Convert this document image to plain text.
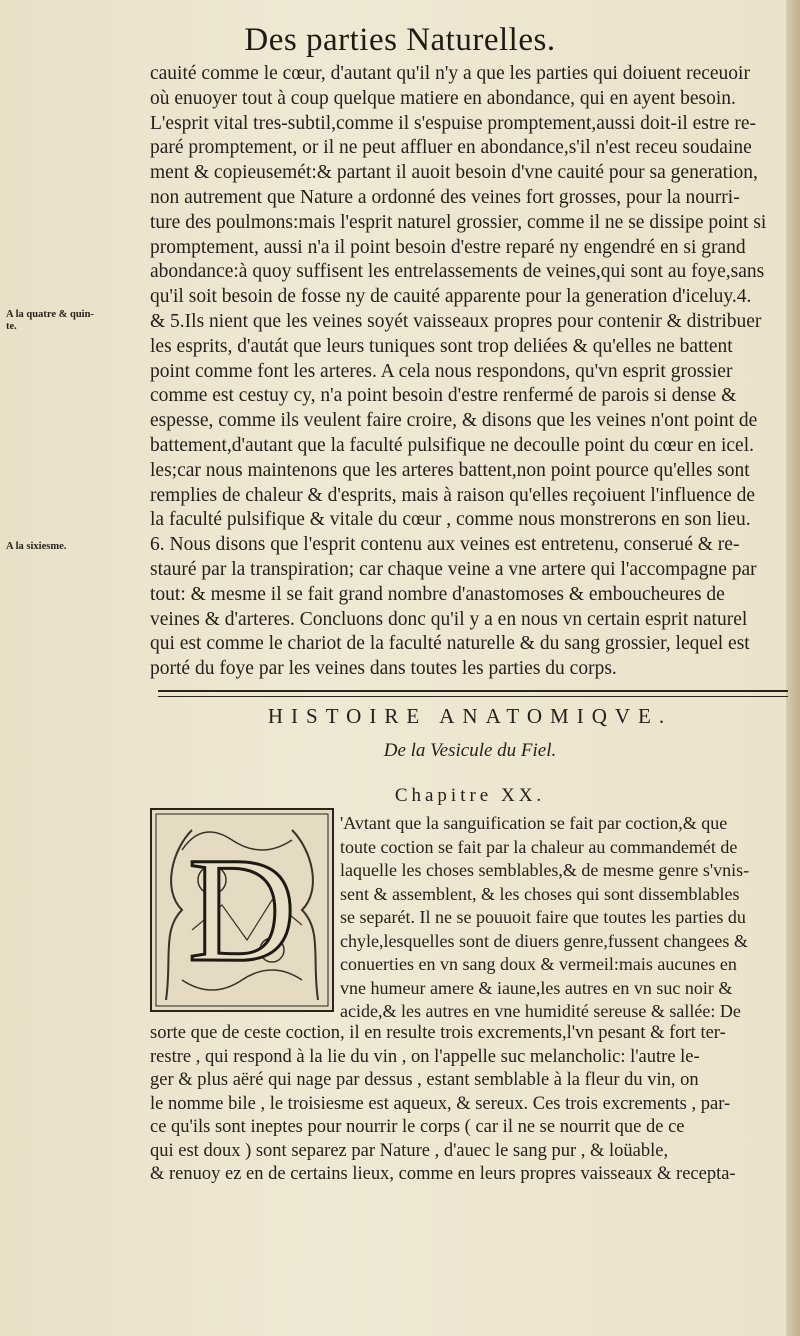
Des parties Naturelles.
A la quatre & quin-
te.
A la sixiesme.
cauité comme le cœur, d'autant qu'il n'y a que les parties qui doiuent receuoir
où enuoyer tout à coup quelque matiere en abondance, qui en ayent besoin.
L'esprit vital tres-subtil,comme il s'espuise promptement,aussi doit-il estre re-
paré promptement, or il ne peut affluer en abondance,s'il n'est receu soudaine
ment & copieusemét:& partant il auoit besoin d'vne cauité pour sa generation,
non autrement que Nature a ordonné des veines fort grosses, pour la nourri-
ture des poulmons:mais l'esprit naturel grossier, comme il ne se dissipe point si
promptement, aussi n'a il point besoin d'estre reparé ny engendré en si grand
abondance:à quoy suffisent les entrelassements de veines,qui sont au foye,sans
qu'il soit besoin de fosse ny de cauité apparente pour la generation d'iceluy.4.
& 5.Ils nient que les veines soyét vaisseaux propres pour contenir & distribuer
les esprits, d'autát que leurs tuniques sont trop deliées & qu'elles ne battent
point comme font les arteres. A cela nous respondons, qu'vn esprit grossier
comme est cestuy cy, n'a point besoin d'estre renfermé de parois si dense &
espesse, comme ils veulent faire croire, & disons que les veines n'ont point de
battement,d'autant que la faculté pulsifique ne decoulle point du cœur en icel.
les;car nous maintenons que les arteres battent,non point pource qu'elles sont
remplies de chaleur & d'esprits, mais à raison qu'elles reçoiuent l'influence de
la faculté pulsifique & vitale du cœur , comme nous monstrerons en son lieu.
6. Nous disons que l'esprit contenu aux veines est entretenu, conserué & re-
stauré par la transpiration; car chaque veine a vne artere qui l'accompagne par
tout: & mesme il se fait grand nombre d'anastomoses & embouchеures de
veines & d'arteres. Concluons donc qu'il y a en nous vn certain esprit naturel
qui est comme le chariot de la faculté naturelle & du sang grossier, lequel est
porté du foye par les veines dans toutes les parties du corps.
HISTOIRE ANATOMIQVE.
De la Vesicule du Fiel.
Chapitre XX.
D
'Avtant que la sanguification se fait par coction,& que
toute coction se fait par la chaleur au commandemét de
laquelle les choses semblables,& de mesme genre s'vnis-
sent & assemblent, & les choses qui sont dissemblables
se separét. Il ne se pouuoit faire que toutes les parties du
chyle,lesquelles sont de diuers genre,fussent changees &
conuerties en vn sang doux & vermeil:mais aucunes en
vne humeur amere & iaune,les autres en vn suc noir &
acide,& les autres en vne humidité sereuse & sallée: De
sorte que de ceste coction, il en resulte trois excrements,l'vn pesant & fort ter-
restre , qui respond à la lie du vin , on l'appelle suc melancholic: l'autre le-
ger & plus aëré qui nage par dessus , estant semblable à la fleur du vin, on
le nomme bile , le troisiesme est aqueux, & sereux. Ces trois excrements , par-
ce qu'ils sont ineptes pour nourrir le corps ( car il ne se nourrit que de ce
qui est doux ) sont separez par Nature , d'auec le sang pur , & loüable,
& renuoy ez en de certains lieux, comme en leurs propres vaisseaux & recepta-
